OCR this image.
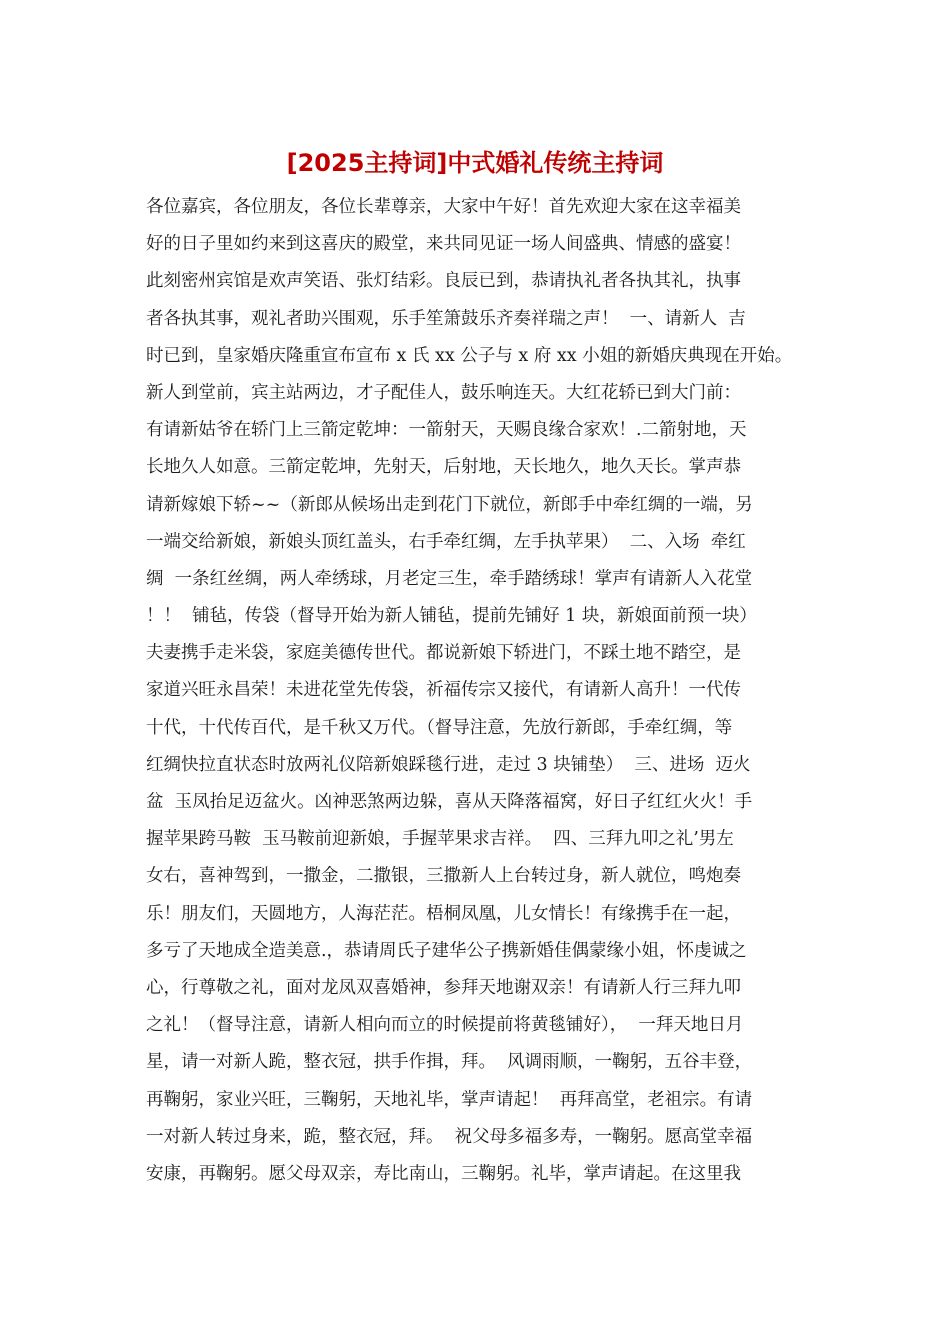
[2025主持词]中式婚礼传统主持词
各位嘉宾，各位朋友，各位长辈尊亲，大家中午好！首先欢迎大家在这幸福美
好的日子里如约来到这喜庆的殿堂，来共同见证一场人间盛典、情感的盛宴！
此刻密州宾馆是欢声笑语、张灯结彩。良辰已到，恭请执礼者各执其礼，执事
者各执其事，观礼者助兴围观，乐手笙箫鼓乐齐奏祥瑞之声！  一、请新人  吉
时已到，皇家婚庆隆重宣布宣布 x 氏 xx 公子与 x 府 xx 小姐的新婚庆典现在开始。
新人到堂前，宾主站两边，才子配佳人，鼓乐响连天。大红花轿已到大门前：
有请新姑爷在轿门上三箭定乾坤：一箭射天，天赐良缘合家欢！.二箭射地，天
长地久人如意。三箭定乾坤，先射天，后射地，天长地久，地久天长。掌声恭
请新嫁娘下轿~~（新郎从候场出走到花门下就位，新郎手中牵红绸的一端，另
一端交给新娘，新娘头顶红盖头，右手牵红绸，左手执苹果）  二、入场  牵红
绸  一条红丝绸，两人牵绣球，月老定三生，牵手踏绣球！掌声有请新人入花堂
！！  铺毡，传袋（督导开始为新人铺毡，提前先铺好 1 块，新娘面前预一块）
夫妻携手走米袋，家庭美德传世代。都说新娘下轿进门，不踩土地不踏空，是
家道兴旺永昌荣！未进花堂先传袋，祈福传宗又接代，有请新人高升！一代传
十代，十代传百代，是千秋又万代。（督导注意，先放行新郎，手牵红绸，等
红绸快拉直状态时放两礼仪陪新娘踩毯行进，走过 3 块铺垫）  三、进场  迈火
盆  玉凤抬足迈盆火。凶神恶煞两边躲，喜从天降落福窝，好日子红红火火！手
握苹果跨马鞍  玉马鞍前迎新娘，手握苹果求吉祥。  四、三拜九叩之礼’男左
女右，喜神驾到，一撒金，二撒银，三撒新人上台转过身，新人就位，鸣炮奏
乐！朋友们，天圆地方，人海茫茫。梧桐凤凰，儿女情长！有缘携手在一起，
多亏了天地成全造美意.，恭请周氏子建华公子携新婚佳偶蒙缘小姐，怀虔诚之
心，行尊敬之礼，面对龙凤双喜婚神，参拜天地谢双亲！有请新人行三拜九叩
之礼！（督导注意，请新人相向而立的时候提前将黄毯铺好），  一拜天地日月
星，请一对新人跪，整衣冠，拱手作揖，拜。  风调雨顺，一鞠躬，五谷丰登，
再鞠躬，家业兴旺，三鞠躬，天地礼毕，掌声请起！  再拜高堂，老祖宗。有请
一对新人转过身来，跪，整衣冠，拜。  祝父母多福多寿，一鞠躬。愿高堂幸福
安康，再鞠躬。愿父母双亲，寿比南山，三鞠躬。礼毕，掌声请起。在这里我
